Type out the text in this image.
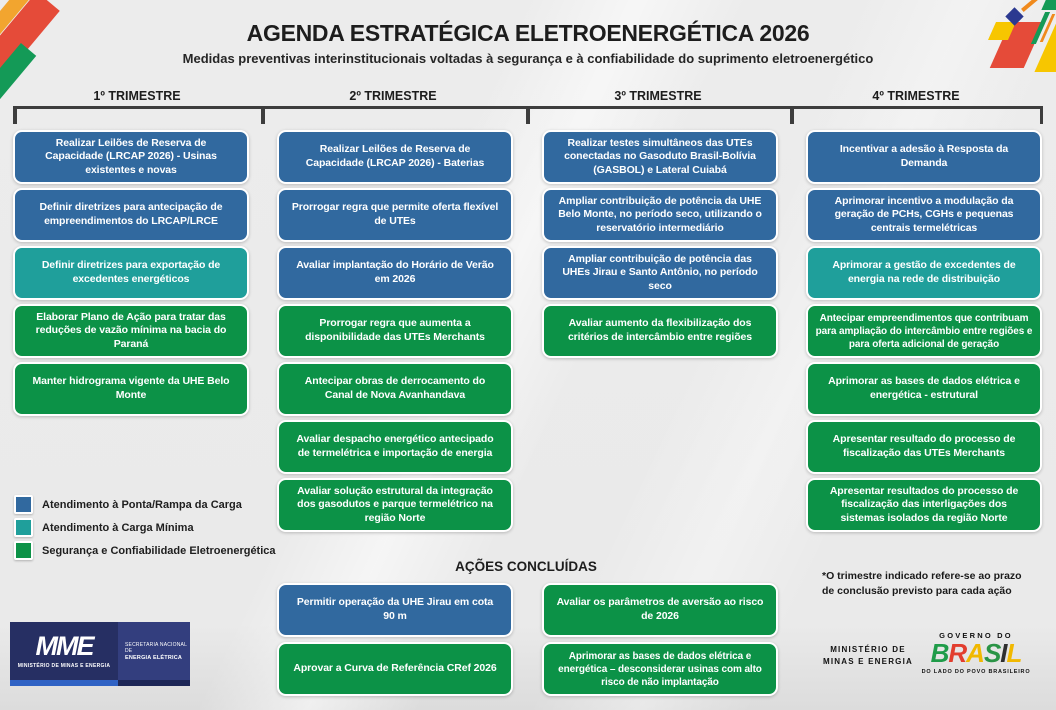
AGENDA ESTRATÉGICA ELETROENERGÉTICA 2026
Medidas preventivas interinstitucionais voltadas à segurança e à confiabilidade do suprimento eletroenergético
1º TRIMESTRE	2º TRIMESTRE	3º TRIMESTRE	4º TRIMESTRE
Realizar Leilões de Reserva de Capacidade (LRCAP 2026) - Usinas existentes e novas
Definir diretrizes para antecipação de empreendimentos do LRCAP/LRCE
Definir diretrizes para exportação de excedentes energéticos
Elaborar Plano de Ação para tratar das reduções de vazão mínima na bacia do Paraná
Manter hidrograma vigente da UHE Belo Monte
Realizar Leilões de Reserva de Capacidade (LRCAP 2026) - Baterias
Prorrogar regra que permite oferta flexível de UTEs
Avaliar implantação do Horário de Verão em 2026
Prorrogar regra que aumenta a disponibilidade das UTEs Merchants
Antecipar obras de derrocamento do Canal de Nova Avanhandava
Avaliar despacho energético antecipado de termelétrica e importação de energia
Avaliar solução estrutural da integração dos gasodutos e parque termelétrico na região Norte
Realizar testes simultâneos das UTEs conectadas no Gasoduto Brasil-Bolívia (GASBOL) e Lateral Cuiabá
Ampliar contribuição de potência da UHE Belo Monte, no período seco, utilizando o reservatório intermediário
Ampliar contribuição de potência das UHEs Jirau e Santo Antônio, no período seco
Avaliar aumento da flexibilização dos critérios de intercâmbio entre regiões
Incentivar a adesão à Resposta da Demanda
Aprimorar incentivo a modulação da geração de PCHs, CGHs e pequenas centrais termelétricas
Aprimorar a gestão de excedentes de energia na rede de distribuição
Antecipar empreendimentos que contribuam para ampliação do intercâmbio entre regiões e para oferta adicional de geração
Aprimorar as bases de dados elétrica e energética - estrutural
Apresentar resultado do processo de fiscalização das UTEs Merchants
Apresentar resultados do processo de fiscalização das interligações dos sistemas isolados da região Norte
Atendimento à Ponta/Rampa da Carga
Atendimento à Carga Mínima
Segurança e Confiabilidade Eletroenergética
AÇÕES CONCLUÍDAS
Permitir operação da UHE Jirau em cota 90 m
Avaliar os parâmetros de aversão ao risco de 2026
Aprovar a Curva de Referência CRef 2026
Aprimorar as bases de dados elétrica e energética – desconsiderar usinas com alto risco de não implantação
*O trimestre indicado refere-se ao prazo
de conclusão previsto para cada ação
MME
MINISTÉRIO DE MINAS E ENERGIA
SECRETARIA NACIONAL DE
ENERGIA ELÉTRICA
MINISTÉRIO DE
MINAS E ENERGIA
GOVERNO DO
BRASIL
DO LADO DO POVO BRASILEIRO
